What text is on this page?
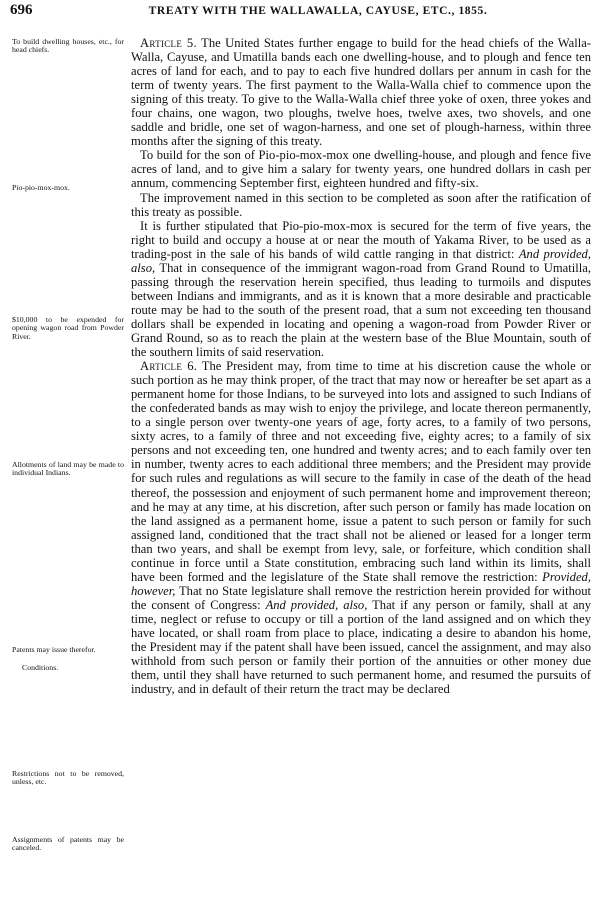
696	TREATY WITH THE WALLAWALLA, CAYUSE, ETC., 1855.
To build dwelling houses, etc., for head chiefs.
Pio-pio-mox-mox.
$10,000 to be expended for opening wagon road from Powder River.
Allotments of land may be made to individual Indians.
Patents may issue therefor.
Conditions.
Restrictions not to be removed, unless, etc.
Assignments of patents may be canceled.

Article 5. The United States further engage to build for the head chiefs of the Walla-Walla, Cayuse, and Umatilla bands each one dwelling-house, and to plough and fence ten acres of land for each, and to pay to each five hundred dollars per annum in cash for the term of twenty years. The first payment to the Walla-Walla chief to commence upon the signing of this treaty. To give to the Walla-Walla chief three yoke of oxen, three yokes and four chains, one wagon, two ploughs, twelve hoes, twelve axes, two shovels, and one saddle and bridle, one set of wagon-harness, and one set of plough-harness, within three months after the signing of this treaty.

To build for the son of Pio-pio-mox-mox one dwelling-house, and plough and fence five acres of land, and to give him a salary for twenty years, one hundred dollars in cash per annum, commencing September first, eighteen hundred and fifty-six.

The improvement named in this section to be completed as soon after the ratification of this treaty as possible.

It is further stipulated that Pio-pio-mox-mox is secured for the term of five years, the right to build and occupy a house at or near the mouth of Yakama River, to be used as a trading-post in the sale of his bands of wild cattle ranging in that district: And provided, also, That in consequence of the immigrant wagon-road from Grand Round to Umatilla, passing through the reservation herein specified, thus leading to turmoils and disputes between Indians and immigrants, and as it is known that a more desirable and practicable route may be had to the south of the present road, that a sum not exceeding ten thousand dollars shall be expended in locating and opening a wagon-road from Powder River or Grand Round, so as to reach the plain at the western base of the Blue Mountain, south of the southern limits of said reservation.

Article 6. The President may, from time to time at his discretion cause the whole or such portion as he may think proper, of the tract that may now or hereafter be set apart as a permanent home for those Indians, to be surveyed into lots and assigned to such Indians of the confederated bands as may wish to enjoy the privilege, and locate thereon permanently, to a single person over twenty-one years of age, forty acres, to a family of two persons, sixty acres, to a family of three and not exceeding five, eighty acres; to a family of six persons and not exceeding ten, one hundred and twenty acres; and to each family over ten in number, twenty acres to each additional three members; and the President may provide for such rules and regulations as will secure to the family in case of the death of the head thereof, the possession and enjoyment of such permanent home and improvement thereon; and he may at any time, at his discretion, after such person or family has made location on the land assigned as a permanent home, issue a patent to such person or family for such assigned land, conditioned that the tract shall not be aliened or leased for a longer term than two years, and shall be exempt from levy, sale, or forfeiture, which condition shall continue in force until a State constitution, embracing such land within its limits, shall have been formed and the legislature of the State shall remove the restriction: Provided, however, That no State legislature shall remove the restriction herein provided for without the consent of Congress: And provided, also, That if any person or family, shall at any time, neglect or refuse to occupy or till a portion of the land assigned and on which they have located, or shall roam from place to place, indicating a desire to abandon his home, the President may if the patent shall have been issued, cancel the assignment, and may also withhold from such person or family their portion of the annuities or other money due them, until they shall have returned to such permanent home, and resumed the pursuits of industry, and in default of their return the tract may be declared
